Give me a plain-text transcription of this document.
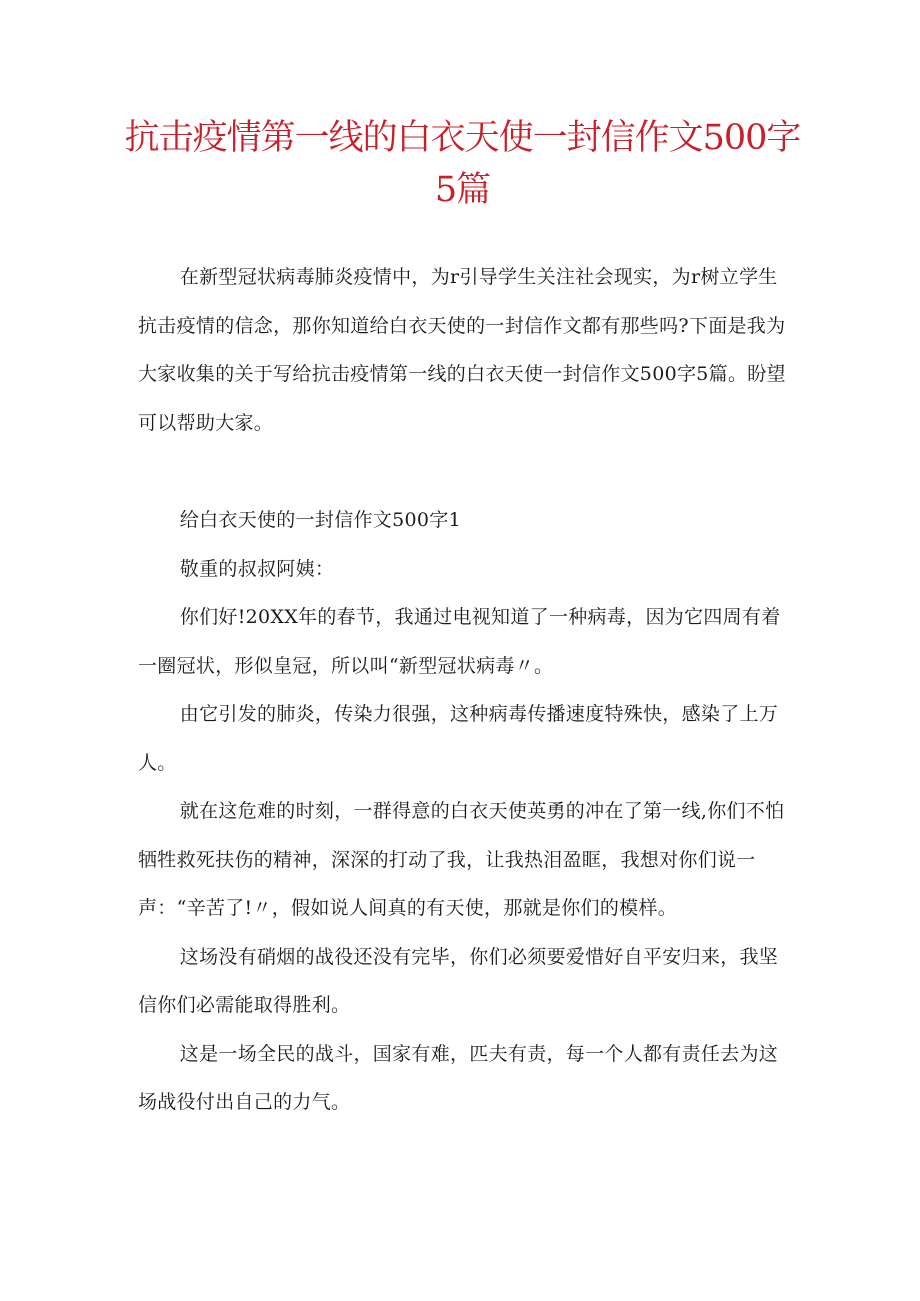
抗击疫情第一线的白衣天使一封信作文500字5篇

在新型冠状病毒肺炎疫情中，为r引导学生关注社会现实，为r树立学生抗击疫情的信念，那你知道给白衣天使的一封信作文都有那些吗?下面是我为大家收集的关于写给抗击疫情第一线的白衣天使一封信作文500字5篇。盼望可以帮助大家。

给白衣天使的一封信作文500字1

敬重的叔叔阿姨：

你们好!20XX年的春节，我通过电视知道了一种病毒，因为它四周有着一圈冠状，形似皇冠，所以叫“新型冠状病毒〃。

由它引发的肺炎，传染力很强，这种病毒传播速度特殊快，感染了上万人。

就在这危难的时刻，一群得意的白衣天使英勇的冲在了第一线,你们不怕牺牲救死扶伤的精神，深深的打动了我，让我热泪盈眶，我想对你们说一声：“辛苦了!〃，假如说人间真的有天使，那就是你们的模样。

这场没有硝烟的战役还没有完毕，你们必须要爱惜好自平安归来，我坚信你们必需能取得胜利。

这是一场全民的战斗，国家有难，匹夫有责，每一个人都有责任去为这场战役付出自己的力气。
